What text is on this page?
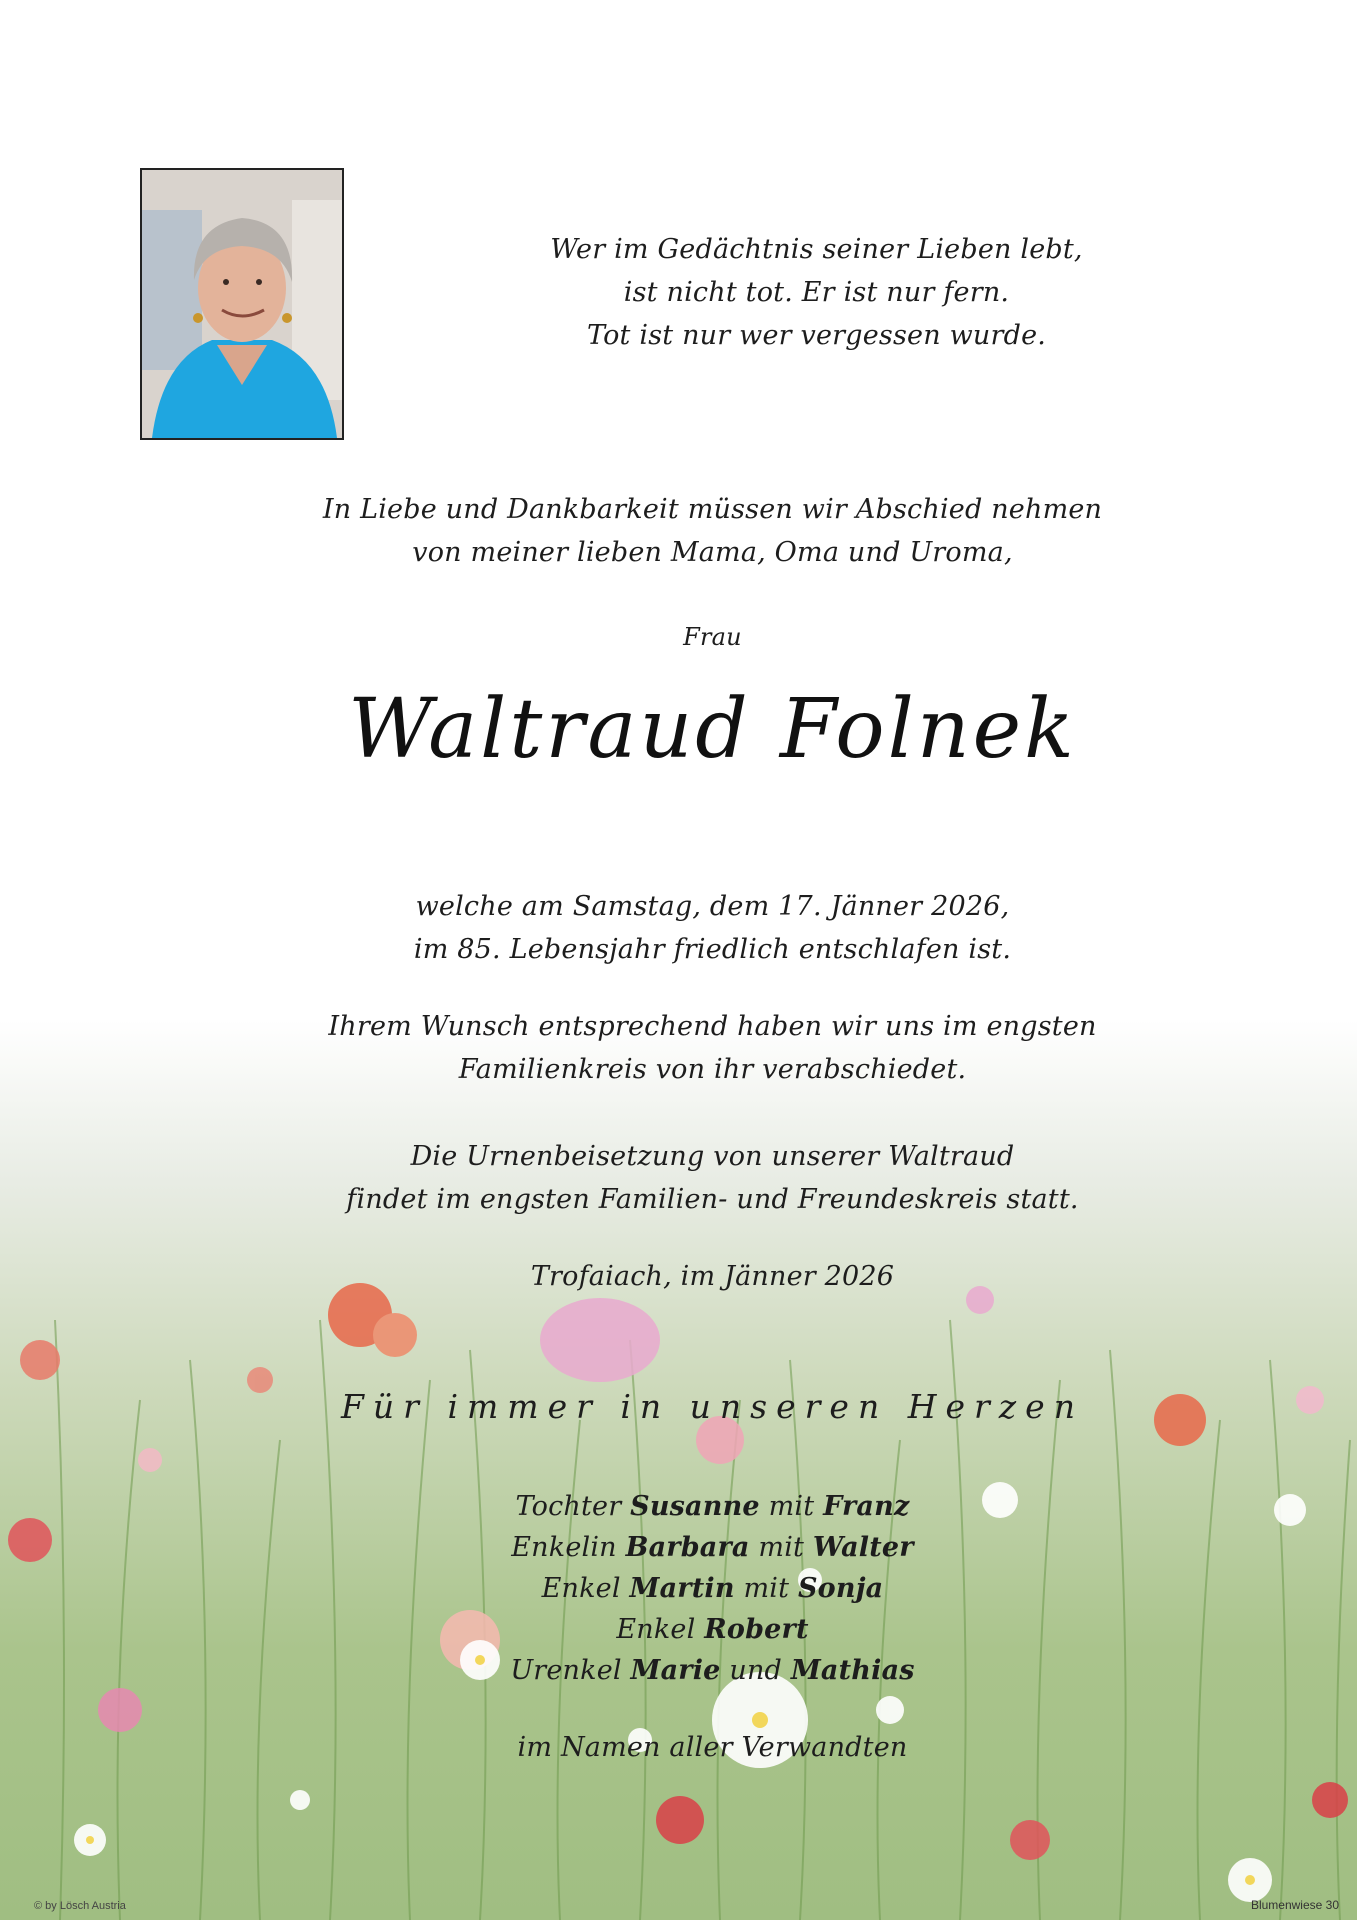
Wer im Gedächtnis seiner Lieben lebt,
ist nicht tot. Er ist nur fern.
Tot ist nur wer vergessen wurde.
In Liebe und Dankbarkeit müssen wir Abschied nehmen
von meiner lieben Mama, Oma und Uroma,
Frau
Waltraud Folnek
welche am Samstag, dem 17. Jänner 2026,
im 85. Lebensjahr friedlich entschlafen ist.
Ihrem Wunsch entsprechend haben wir uns im engsten
Familienkreis von ihr verabschiedet.
Die Urnenbeisetzung von unserer Waltraud
findet im engsten Familien- und Freundeskreis statt.
Trofaiach, im Jänner 2026
Für immer in unseren Herzen
Tochter Susanne mit Franz
Enkelin Barbara mit Walter
Enkel Martin mit Sonja
Enkel Robert
Urenkel Marie und Mathias
im Namen aller Verwandten
© by Lösch Austria	Blumenwiese 30
